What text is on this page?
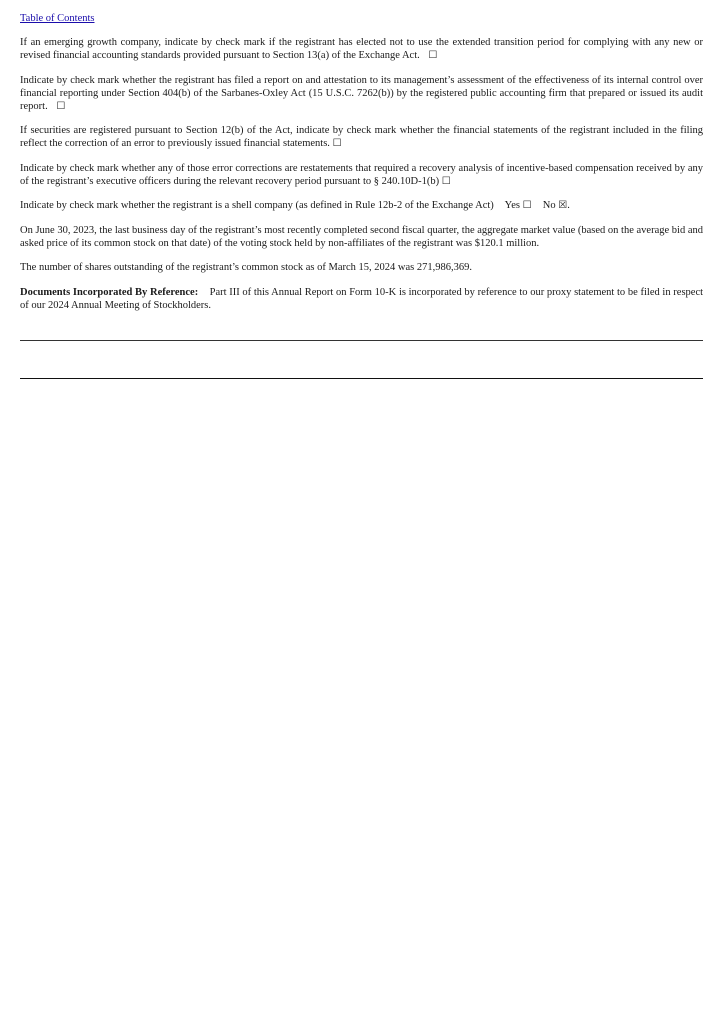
Table of Contents

If an emerging growth company, indicate by check mark if the registrant has elected not to use the extended transition period for complying with any new or revised financial accounting standards provided pursuant to Section 13(a) of the Exchange Act. ☐

Indicate by check mark whether the registrant has filed a report on and attestation to its management’s assessment of the effectiveness of its internal control over financial reporting under Section 404(b) of the Sarbanes-Oxley Act (15 U.S.C. 7262(b)) by the registered public accounting firm that prepared or issued its audit report. ☐

If securities are registered pursuant to Section 12(b) of the Act, indicate by check mark whether the financial statements of the registrant included in the filing reflect the correction of an error to previously issued financial statements. ☐

Indicate by check mark whether any of those error corrections are restatements that required a recovery analysis of incentive-based compensation received by any of the registrant’s executive officers during the relevant recovery period pursuant to § 240.10D-1(b) ☐

Indicate by check mark whether the registrant is a shell company (as defined in Rule 12b-2 of the Exchange Act) Yes ☐ No ☒.

On June 30, 2023, the last business day of the registrant’s most recently completed second fiscal quarter, the aggregate market value (based on the average bid and asked price of its common stock on that date) of the voting stock held by non-affiliates of the registrant was $120.1 million.

The number of shares outstanding of the registrant’s common stock as of March 15, 2024 was 271,986,369.

Documents Incorporated By Reference: Part III of this Annual Report on Form 10-K is incorporated by reference to our proxy statement to be filed in respect of our 2024 Annual Meeting of Stockholders.
